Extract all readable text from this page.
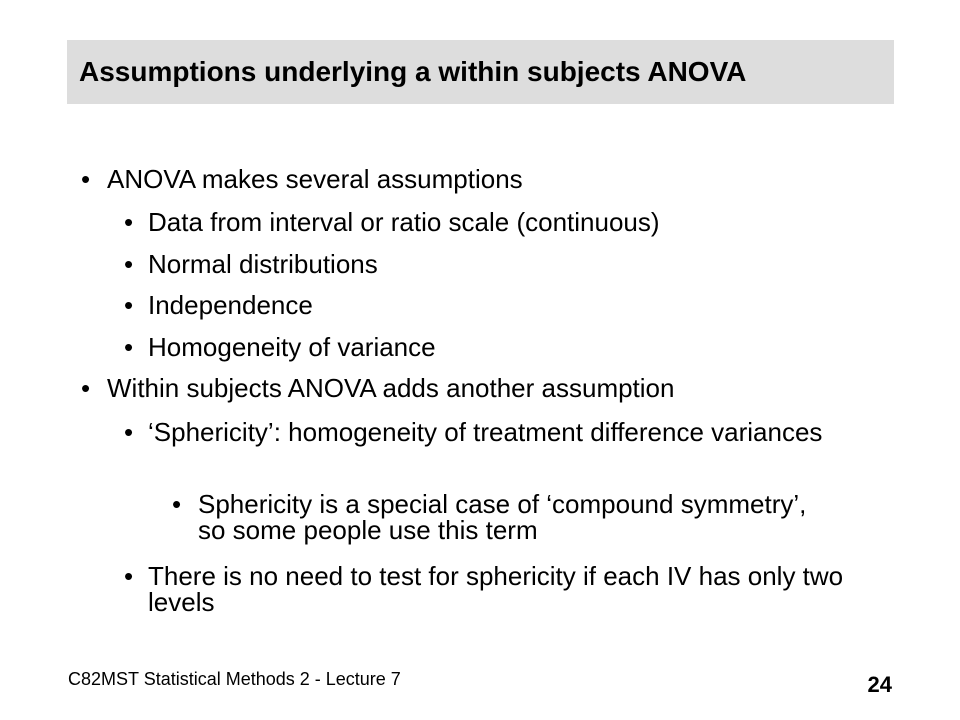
Assumptions underlying a within subjects ANOVA
• ANOVA makes several assumptions
• Data from interval or ratio scale (continuous)
• Normal distributions
• Independence
• Homogeneity of variance
• Within subjects ANOVA adds another assumption
• ‘Sphericity’: homogeneity of treatment difference variances
• Sphericity is a special case of ‘compound symmetry’, so some people use this term
• There is no need to test for sphericity if each IV has only two levels
C82MST Statistical Methods 2 - Lecture 7	24
